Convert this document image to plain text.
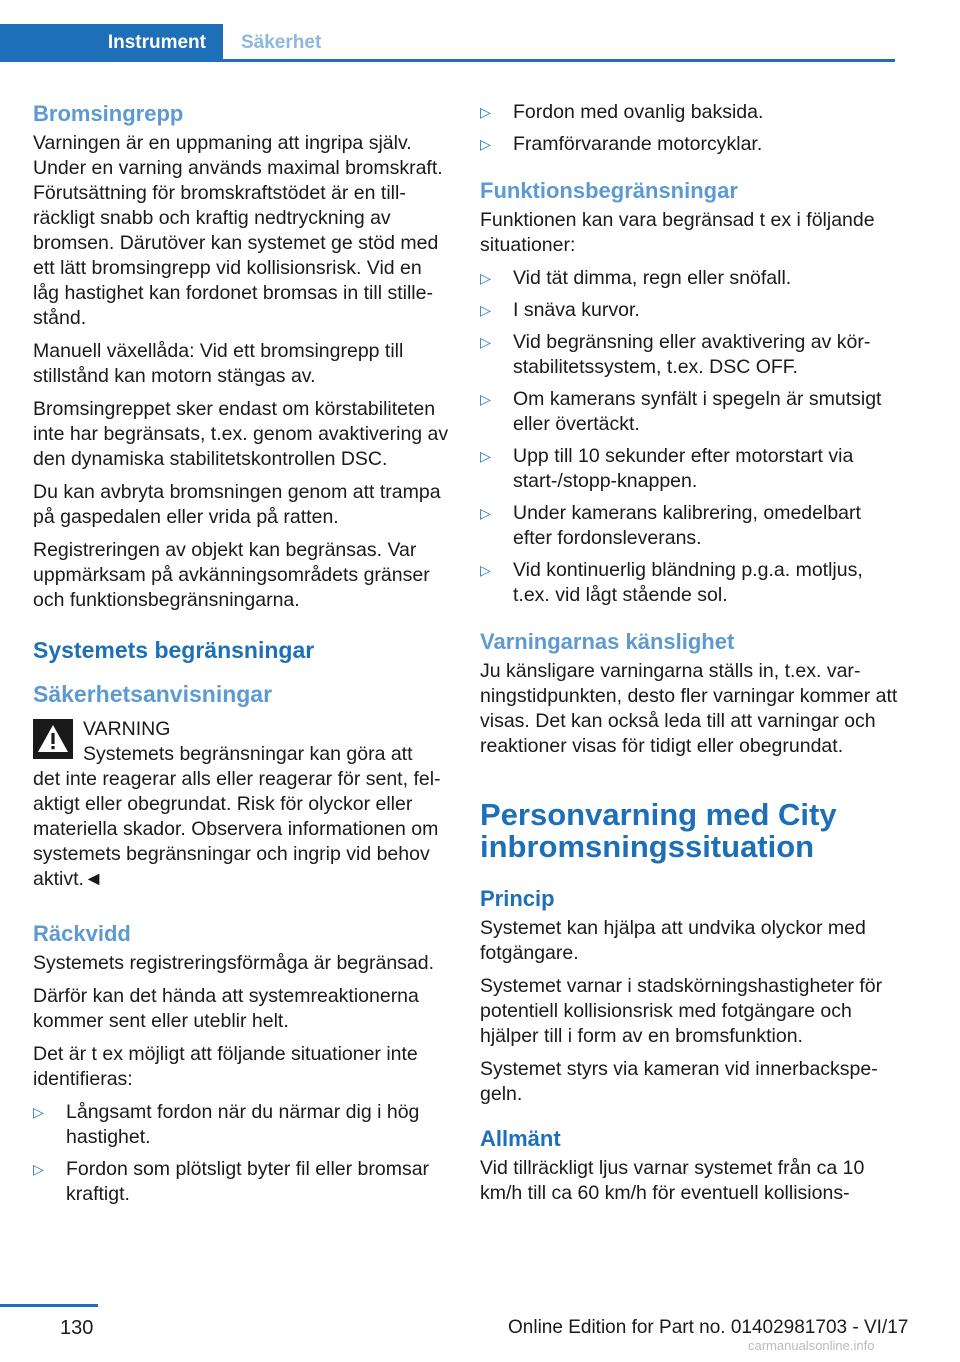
Instrument	Säkerhet
Bromsingrepp

Varningen är en uppmaning att ingripa själv. Under en varning används maximal bromskraft. Förutsättning för bromskraftstödet är en tillräckligt snabb och kraftig nedtryckning av bromsen. Därutöver kan systemet ge stöd med ett lätt bromsingrepp vid kollisionsrisk. Vid en låg hastighet kan fordonet bromsas in till stillestånd.

Manuell växellåda: Vid ett bromsingrepp till stillstånd kan motorn stängas av.

Bromsingreppet sker endast om körstabiliteten inte har begränsats, t.ex. genom avaktivering av den dynamiska stabilitetskontrollen DSC.

Du kan avbryta bromsningen genom att trampa på gaspedalen eller vrida på ratten.

Registreringen av objekt kan begränsas. Var uppmärksam på avkänningsområdets gränser och funktionsbegränsningarna.

Systemets begränsningar
Säkerhetsanvisningar
VARNING
Systemets begränsningar kan göra att

det inte reagerar alls eller reagerar för sent, felaktigt eller obegrundat. Risk för olyckor eller materiella skador. Observera informationen om systemets begränsningar och ingrip vid behov aktivt.◄

Räckvidd

Systemets registreringsförmåga är begränsad.

Därför kan det hända att systemreaktionerna kommer sent eller uteblir helt.

Det är t ex möjligt att följande situationer inte identifieras:

▷ Långsamt fordon när du närmar dig i hög hastighet.
▷ Fordon som plötsligt byter fil eller bromsar kraftigt.
▷ Fordon med ovanlig baksida.
▷ Framförvarande motorcyklar.
Funktionsbegränsningar

Funktionen kan vara begränsad t ex i följande situationer:

▷ Vid tät dimma, regn eller snöfall.
▷ I snäva kurvor.
▷ Vid begränsning eller avaktivering av körstabilitetssystem, t.ex. DSC OFF.
▷ Om kamerans synfält i spegeln är smutsigt eller övertäckt.
▷ Upp till 10 sekunder efter motorstart via start-/stopp-knappen.
▷ Under kamerans kalibrering, omedelbart efter fordonsleverans.
▷ Vid kontinuerlig bländning p.g.a. motljus, t.ex. vid lågt stående sol.
Varningarnas känslighet

Ju känsligare varningarna ställs in, t.ex. varningstidpunkten, desto fler varningar kommer att visas. Det kan också leda till att varningar och reaktioner visas för tidigt eller obegrundat.

Personvarning med City inbromsningssituation
Princip

Systemet kan hjälpa att undvika olyckor med fotgängare.

Systemet varnar i stadskörningshastigheter för potentiell kollisionsrisk med fotgängare och hjälper till i form av en bromsfunktion.

Systemet styrs via kameran vid innerbackspegeln.

Allmänt

Vid tillräckligt ljus varnar systemet från ca 10 km/h till ca 60 km/h för eventuell kollisions‐

130	Online Edition for Part no. 01402981703 - VI/17
carmanualsonline.info
